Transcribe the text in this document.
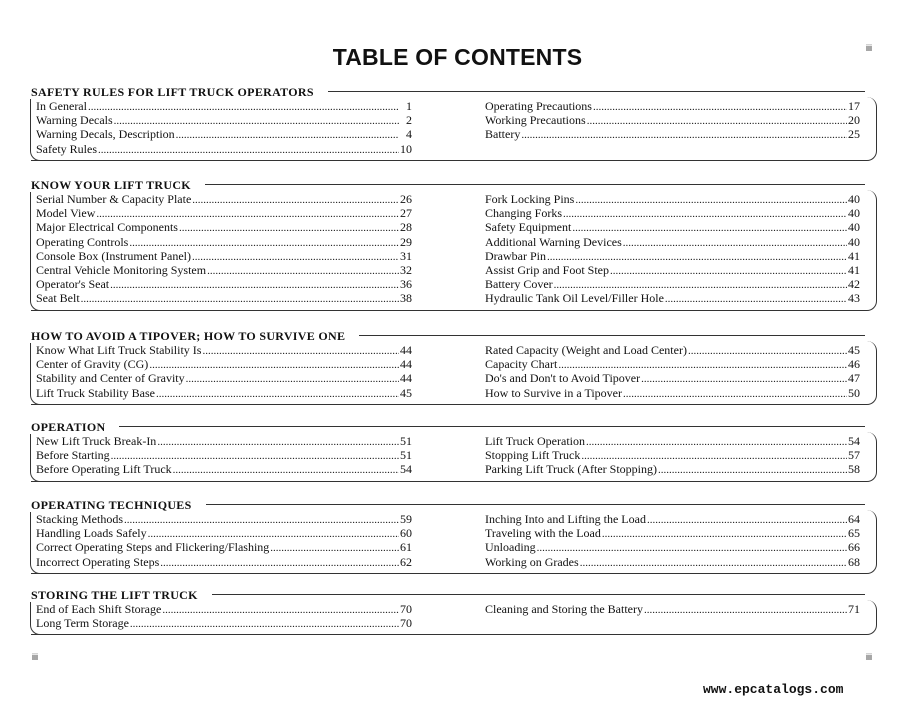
TABLE OF CONTENTS	iii
SAFETY RULES FOR LIFT TRUCK OPERATORS
In General .....	1
Warning Decals .....	2
Warning Decals, Description .....	4
Safety Rules .....	10
Operating Precautions .....	17
Working Precautions .....	20
Battery .....	25
KNOW YOUR LIFT TRUCK
Serial Number & Capacity Plate .....	26
Model View .....	27
Major Electrical Components .....	28
Operating Controls .....	29
Console Box (Instrument Panel) .....	31
Central Vehicle Monitoring System .....	32
Operator's Seat .....	36
Seat Belt .....	38
Fork Locking Pins .....	40
Changing Forks .....	40
Safety Equipment .....	40
Additional Warning Devices .....	40
Drawbar Pin .....	41
Assist Grip and Foot Step .....	41
Battery Cover .....	42
Hydraulic Tank Oil Level/Filler Hole .....	43
HOW TO AVOID A TIPOVER; HOW TO SURVIVE ONE
Know What Lift Truck Stability Is .....	44
Center of Gravity (CG) .....	44
Stability and Center of Gravity .....	44
Lift Truck Stability Base .....	45
Rated Capacity (Weight and Load Center) .....	45
Capacity Chart .....	46
Do's and Don't to Avoid Tipover .....	47
How to Survive in a Tipover .....	50
OPERATION
New Lift Truck Break-In .....	51
Before Starting .....	51
Before Operating Lift Truck .....	54
Lift Truck Operation .....	54
Stopping Lift Truck .....	57
Parking Lift Truck (After Stopping) .....	58
OPERATING TECHNIQUES
Stacking Methods .....	59
Handling Loads Safely .....	60
Correct Operating Steps and Flickering/Flashing .....	61
Incorrect Operating Steps .....	62
Inching Into and Lifting the Load .....	64
Traveling with the Load .....	65
Unloading .....	66
Working on Grades .....	68
STORING THE LIFT TRUCK
End of Each Shift Storage .....	70
Long Term Storage .....	70
Cleaning and Storing the Battery .....	71
iii	iii
www.epcatalogs.com
